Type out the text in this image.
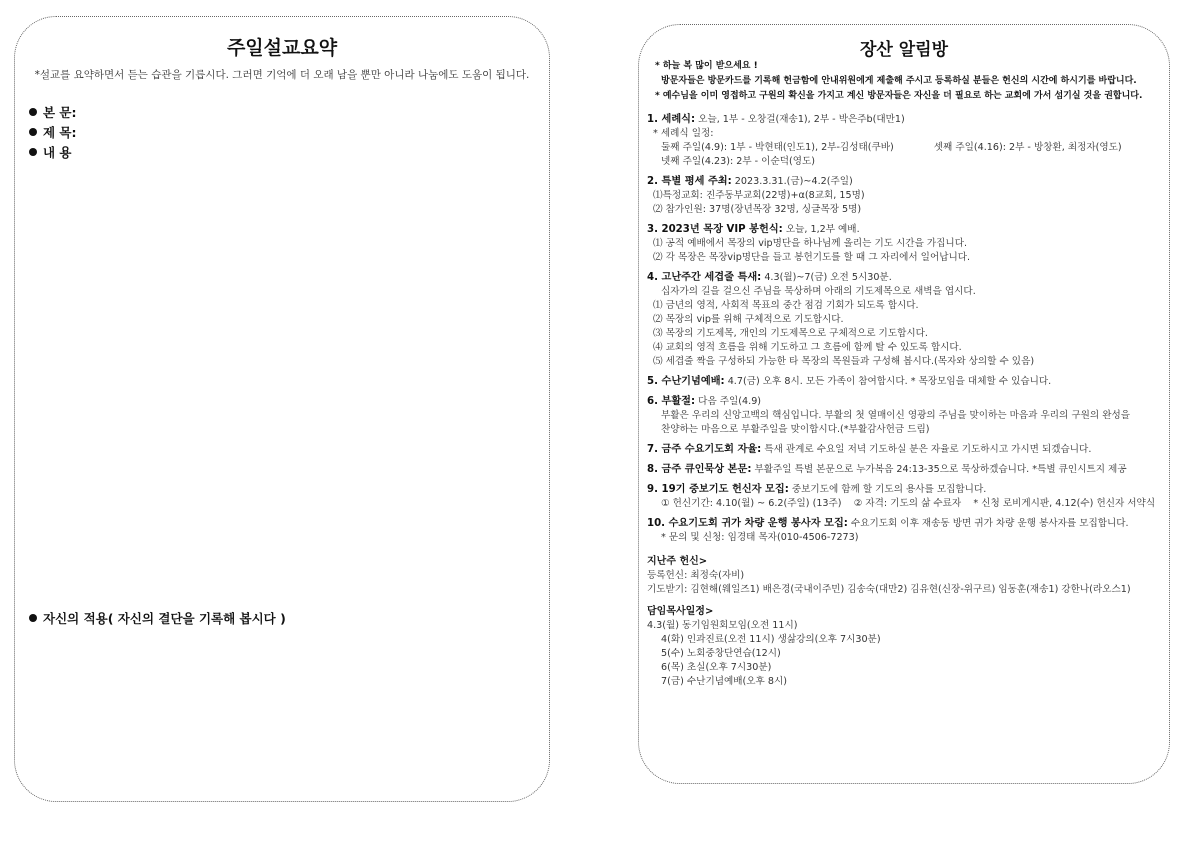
주일설교요약
*설교를 요약하면서 듣는 습관을 기릅시다. 그러면 기억에 더 오래 남을 뿐만 아니라 나눔에도 도움이 됩니다.
본 문:
제 목:
내 용
자신의 적용( 자신의 결단을 기록해 봅시다 )
장산 알림방
* 하늘 복 많이 받으세요 !
방문자들은 방문카드를 기록해 헌금함에 안내위원에게 제출해 주시고 등록하실 분들은 헌신의 시간에 하시기를 바랍니다.
* 예수님을 이미 영접하고 구원의 확신을 가지고 계신 방문자들은 자신을 더 필요로 하는 교회에 가서 섬기실 것을 권합니다.
1. 세례식: 오늘, 1부 - 오창걸(재송1), 2부 - 박은주b(대만1)
* 세례식 일정:
둘째 주일(4.9): 1부 - 박현태(인도1), 2부-김성태(쿠바)	셋째 주일(4.16): 2부 - 방창환, 최정자(영도)
넷째 주일(4.23): 2부 - 이순덕(영도)
2. 특별 평세 주최: 2023.3.31.(금)~4.2(주일)
⑴특정교회: 진주동부교회(22명)+α(8교회, 15명)
⑵ 참가인원: 37명(장년목장 32명, 싱글목장 5명)
3. 2023년 목장 VIP 봉헌식: 오늘, 1,2부 예배.
⑴ 공적 예배에서 목장의 vip명단을 하나님께 올리는 기도 시간을 가집니다.
⑵ 각 목장은 목장vip명단을 들고 봉헌기도를 할 때 그 자리에서 일어납니다.
4. 고난주간 세겹줄 특새: 4.3(월)~7(금) 오전 5시30분.
십자가의 길을 걸으신 주님을 묵상하며 아래의 기도제목으로 새벽을 엽시다.
⑴ 금년의 영적, 사회적 목표의 중간 점검 기회가 되도록 합시다.
⑵ 목장의 vip를 위해 구체적으로 기도합시다.
⑶ 목장의 기도제목, 개인의 기도제목으로 구체적으로 기도합시다.
⑷ 교회의 영적 흐름을 위해 기도하고 그 흐름에 함께 탈 수 있도록 합시다.
⑸ 세겹줄 짝을 구성하되 가능한 타 목장의 목원들과 구성해 봅시다.(목자와 상의할 수 있음)
5. 수난기념예배: 4.7(금) 오후 8시. 모든 가족이 참여합시다. * 목장모임을 대체할 수 있습니다.
6. 부활절: 다음 주일(4.9)
부활은 우리의 신앙고백의 핵심입니다. 부활의 첫 열매이신 영광의 주님을 맞이하는 마음과 우리의 구원의 완성을
찬양하는 마음으로 부활주일을 맞이합시다.(*부활감사헌금 드림)
7. 금주 수요기도회 자율: 특새 관계로 수요일 저녁 기도하실 분은 자율로 기도하시고 가시면 되겠습니다.
8. 금주 큐인묵상 본문: 부활주일 특별 본문으로 누가복음 24:13-35으로 묵상하겠습니다. *특별 큐인시트지 제공
9. 19기 중보기도 헌신자 모집: 중보기도에 함께 할 기도의 용사를 모집합니다.
① 헌신기간: 4.10(월) ~ 6.2(주일) (13주) ② 자격: 기도의 삶 수료자 * 신청 로비게시판, 4.12(수) 헌신자 서약식
10. 수요기도회 귀가 차량 운행 봉사자 모집: 수요기도회 이후 재송동 방면 귀가 차량 운행 봉사자를 모집합니다.
* 문의 및 신청: 임경태 목자(010-4506-7273)
지난주 헌신>
등록헌신: 최정숙(자비)
기도받기: 김현해(웨일즈1) 배은경(국내이주민) 김송숙(대만2) 김유현(신장-위구르) 임동훈(재송1) 강한나(라오스1)
담임목사일정>
4.3(월) 동기임원회모임(오전 11시)
4(화) 인과진료(오전 11시) 생삶강의(오후 7시30분)
5(수) 노회중창단연습(12시)
6(목) 초실(오후 7시30분)
7(금) 수난기념예배(오후 8시)
